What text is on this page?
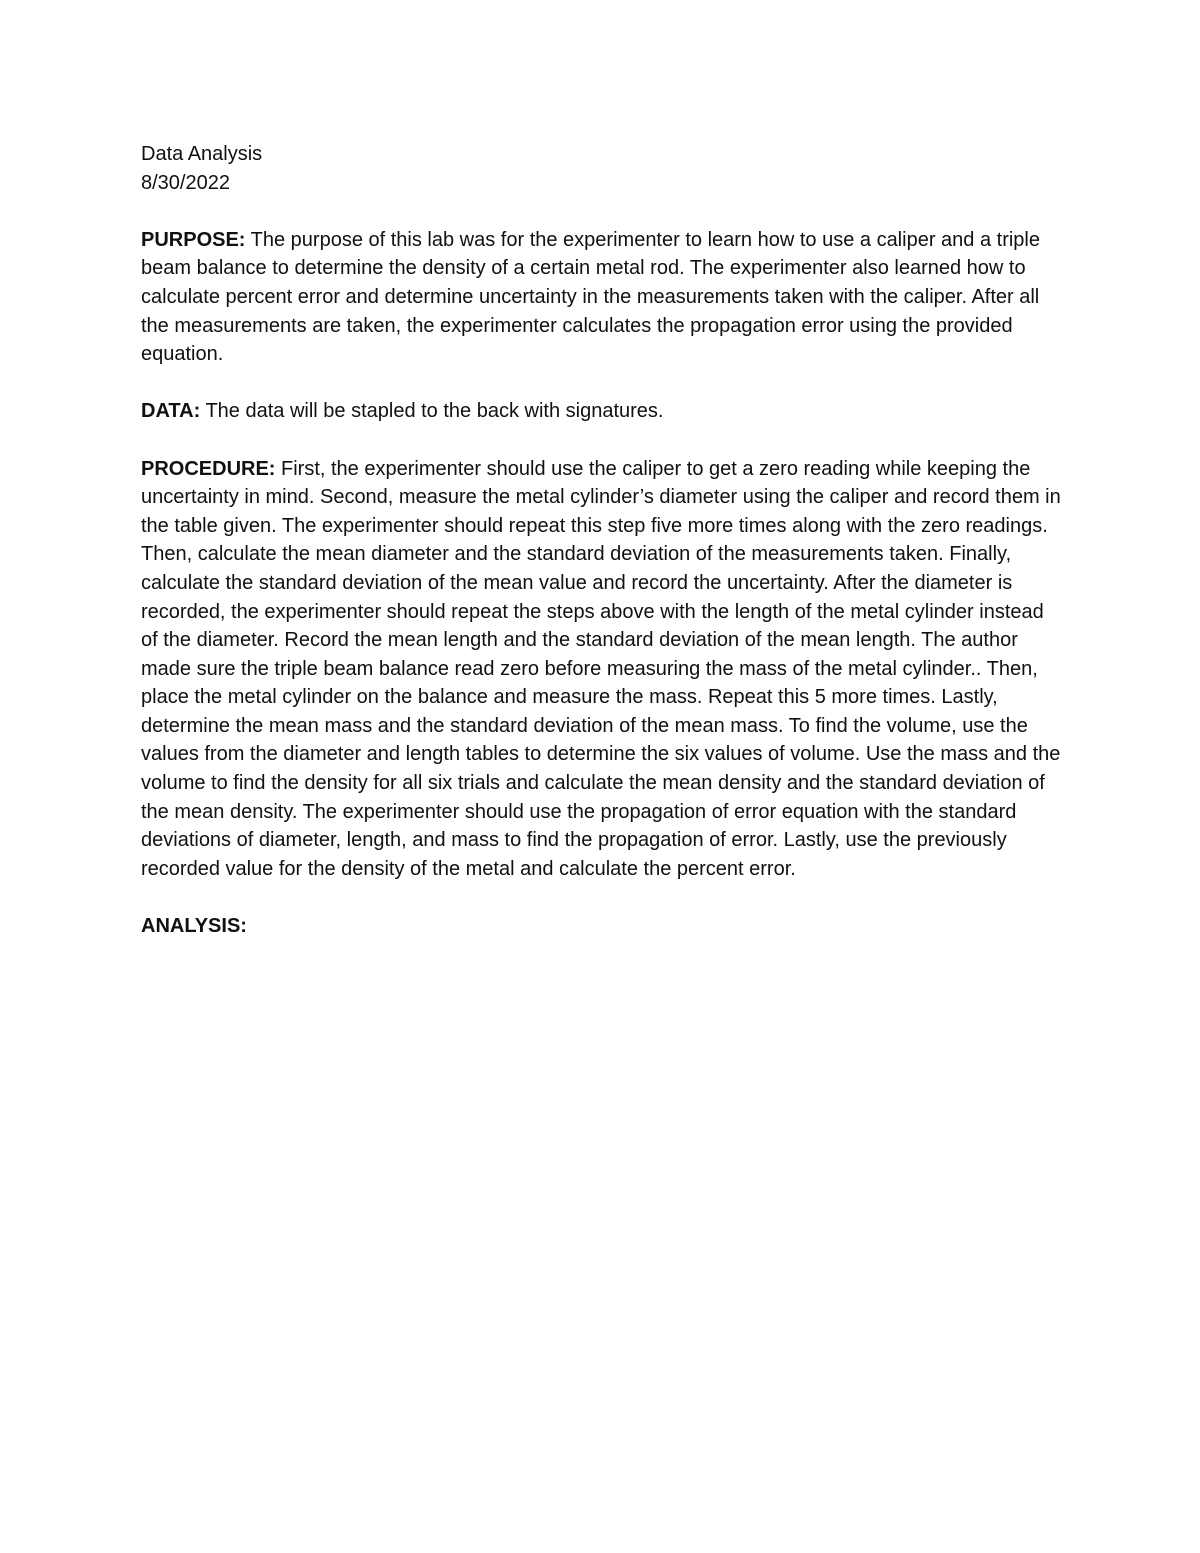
Data Analysis
8/30/2022

PURPOSE: The purpose of this lab was for the experimenter to learn how to use a caliper and a triple beam balance to determine the density of a certain metal rod. The experimenter also learned how to calculate percent error and determine uncertainty in the measurements taken with the caliper. After all the measurements are taken, the experimenter calculates the propagation error using the provided equation.

DATA: The data will be stapled to the back with signatures.

PROCEDURE: First, the experimenter should use the caliper to get a zero reading while keeping the uncertainty in mind. Second, measure the metal cylinder’s diameter using the caliper and record them in the table given. The experimenter should repeat this step five more times along with the zero readings. Then, calculate the mean diameter and the standard deviation of the measurements taken. Finally, calculate the standard deviation of the mean value and record the uncertainty. After the diameter is recorded, the experimenter should repeat the steps above with the length of the metal cylinder instead of the diameter. Record the mean length and the standard deviation of the mean length. The author made sure the triple beam balance read zero before measuring the mass of the metal cylinder.. Then, place the metal cylinder on the balance and measure the mass. Repeat this 5 more times. Lastly, determine the mean mass and the standard deviation of the mean mass. To find the volume, use the values from the diameter and length tables to determine the six values of volume. Use the mass and the volume to find the density for all six trials and calculate the mean density and the standard deviation of the mean density. The experimenter should use the propagation of error equation with the standard deviations of diameter, length, and mass to find the propagation of error. Lastly, use the previously recorded value for the density of the metal and calculate the percent error.

ANALYSIS:
